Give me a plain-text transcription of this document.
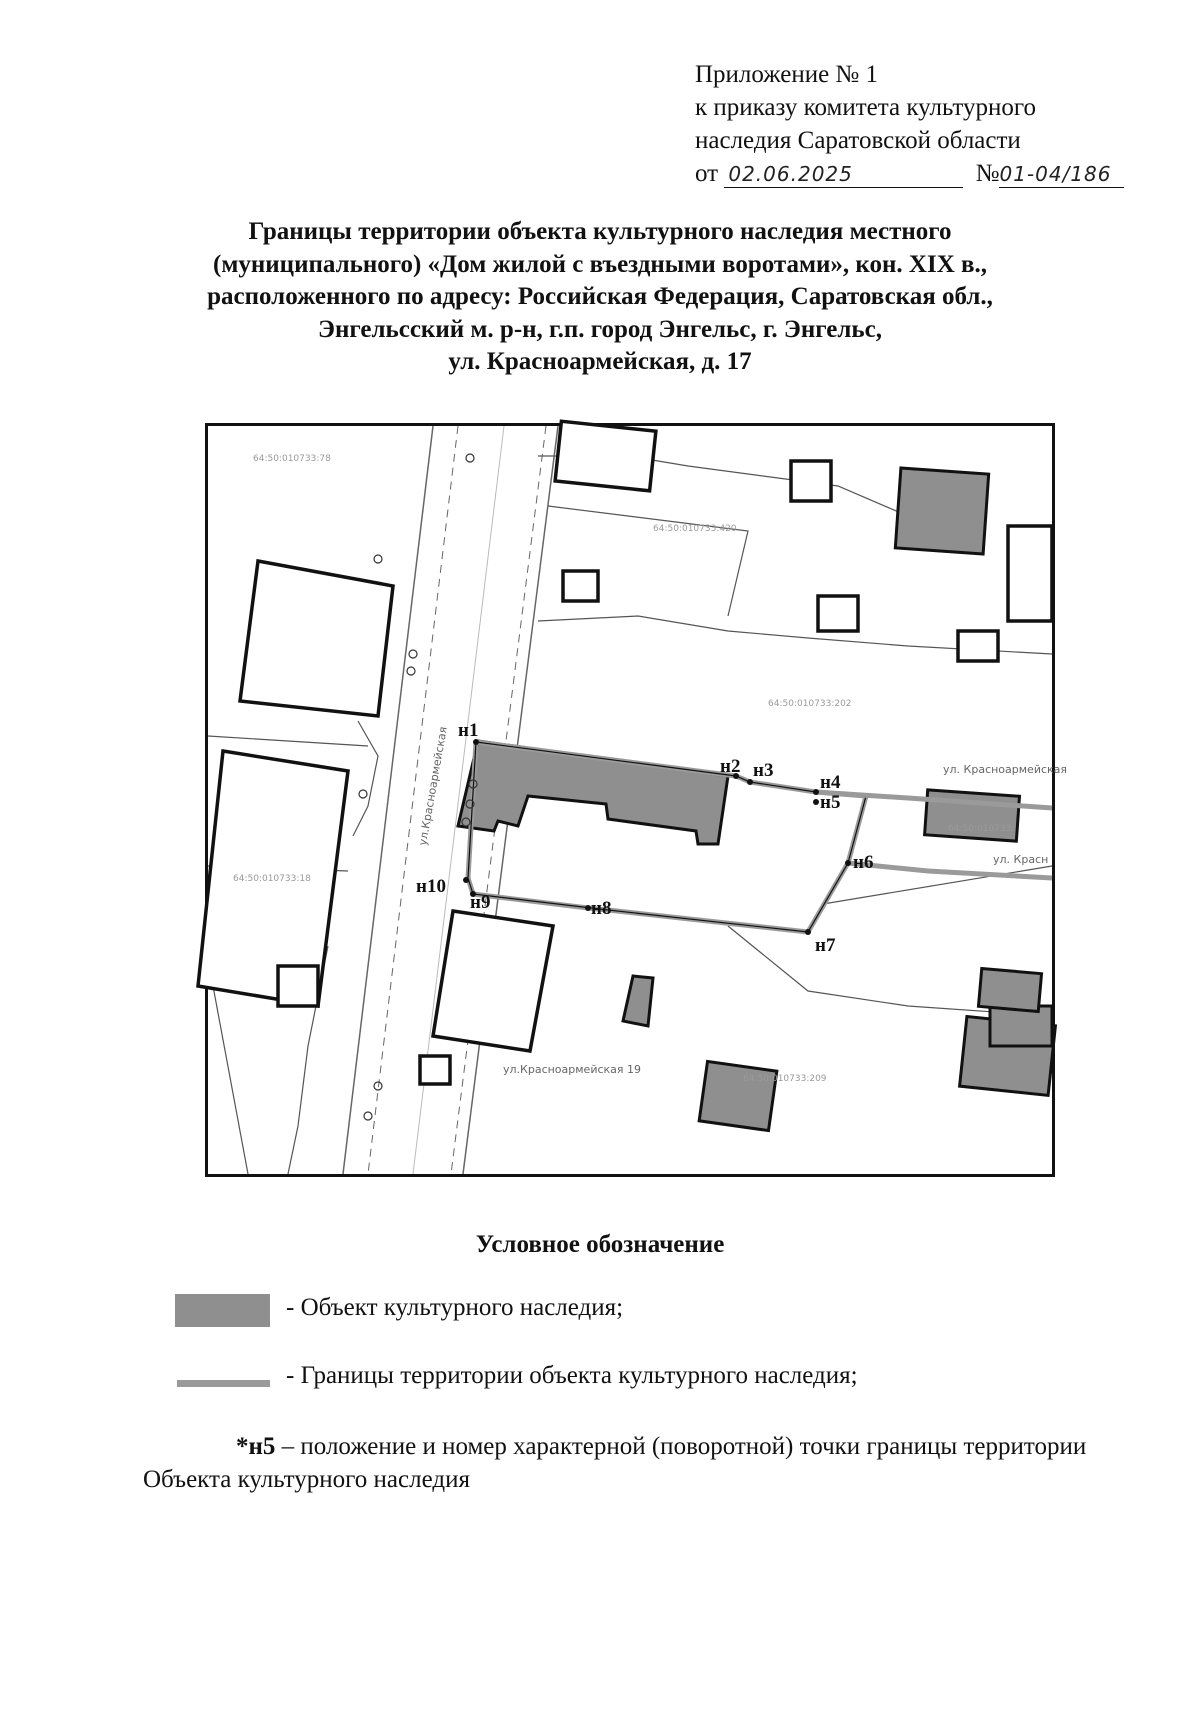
Приложение № 1
к приказу комитета культурного
наследия Саратовской области
от 02.06.2025	№01-04/186
Границы территории объекта культурного наследия местного
(муниципального) «Дом жилой с въездными воротами», кон. XIX в.,
расположенного по адресу: Российская Федерация, Саратовская обл.,
Энгельсский м. р-н, г.п. город Энгельс, г. Энгельс,
ул. Красноармейская, д. 17
н1
н2 н3
н4
н5
н6
н7
н8
н9
н10
ул.Красноармейская	ул. Красноармейская
ул. Красн
ул.Красноармейская 19
64:50:010733:78
64:50:010733:420
64:50:010733:202
64:50:010733:18
64:50:010733:
64:50:010733:209
Условное обозначение
- Объект культурного наследия;
- Границы территории объекта культурного наследия;
*н5 – положение и номер характерной (поворотной) точки границы территории Объекта культурного наследия
